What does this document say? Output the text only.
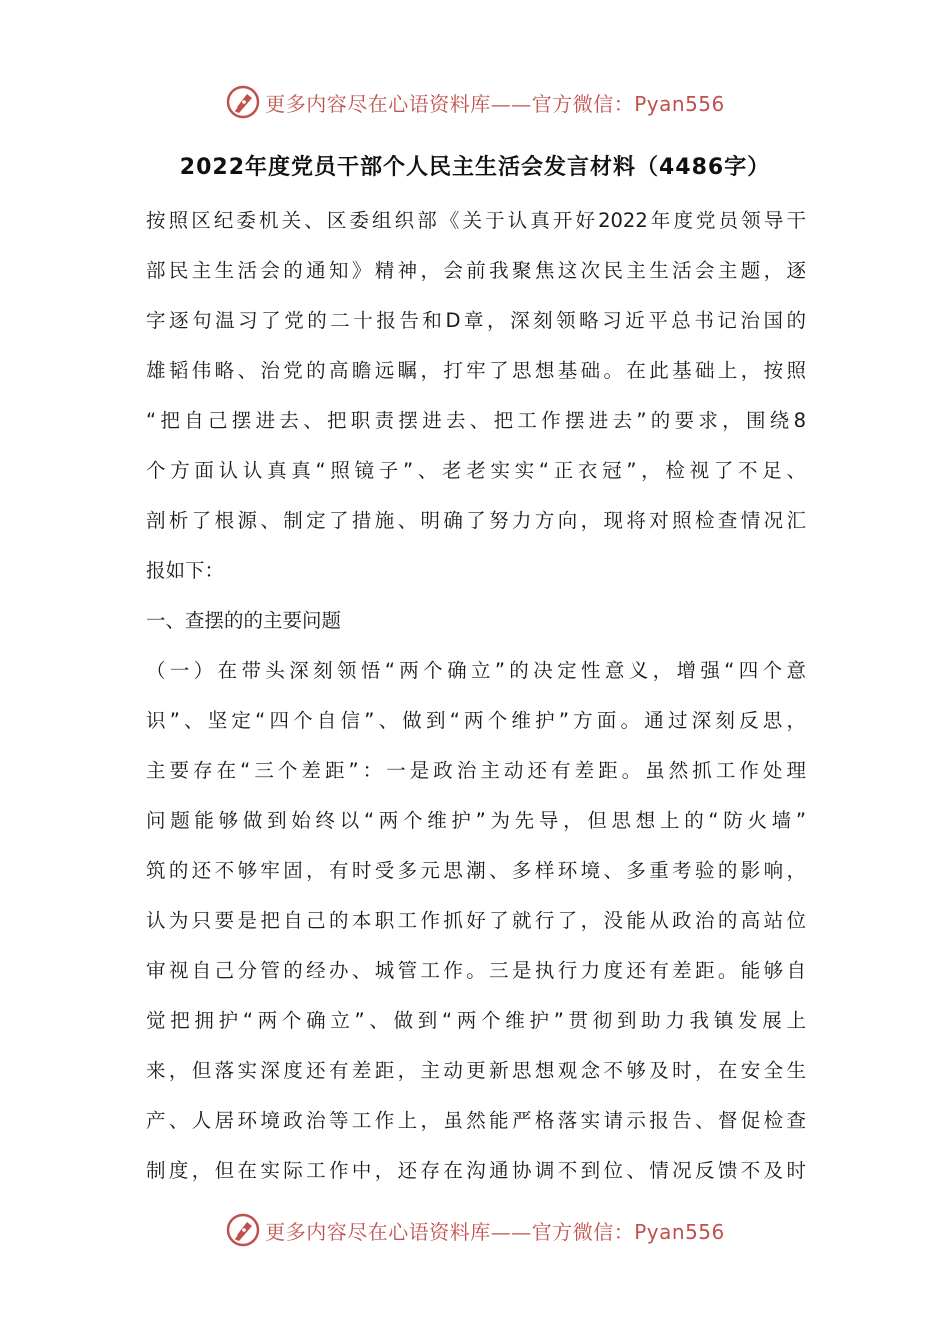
更多内容尽在心语资料库——官方微信：Pyan556
2022年度党员干部个人民主生活会发言材料（4486字）
按照区纪委机关、区委组织部《关于认真开好2022年度党员领导干
部民主生活会的通知》精神，会前我聚焦这次民主生活会主题，逐
字逐句温习了党的二十报告和D章，深刻领略习近平总书记治国的
雄韬伟略、治党的高瞻远瞩，打牢了思想基础。在此基础上，按照
“把自己摆进去、把职责摆进去、把工作摆进去”的要求，围绕8
个方面认认真真“照镜子”、老老实实“正衣冠”，检视了不足、
剖析了根源、制定了措施、明确了努力方向，现将对照检查情况汇
报如下：
一、查摆的的主要问题
（一）在带头深刻领悟“两个确立”的决定性意义，增强“四个意
识”、坚定“四个自信”、做到“两个维护”方面。通过深刻反思，
主要存在“三个差距”：一是政治主动还有差距。虽然抓工作处理
问题能够做到始终以“两个维护”为先导，但思想上的“防火墙”
筑的还不够牢固，有时受多元思潮、多样环境、多重考验的影响，
认为只要是把自己的本职工作抓好了就行了，没能从政治的高站位
审视自己分管的经办、城管工作。三是执行力度还有差距。能够自
觉把拥护“两个确立”、做到“两个维护”贯彻到助力我镇发展上
来，但落实深度还有差距，主动更新思想观念不够及时，在安全生
产、人居环境政治等工作上，虽然能严格落实请示报告、督促检查
制度，但在实际工作中，还存在沟通协调不到位、情况反馈不及时
更多内容尽在心语资料库——官方微信：Pyan556
